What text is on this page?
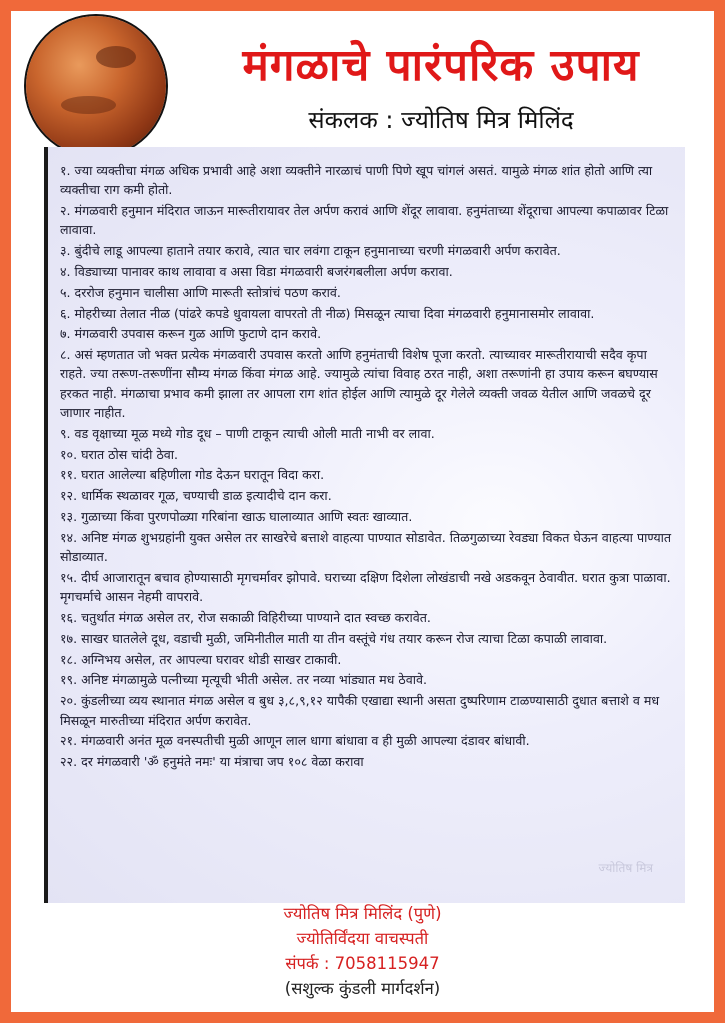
मंगळाचे पारंपरिक उपाय

संकलक : ज्योतिष मित्र मिलिंद

१. ज्या व्यक्तीचा मंगळ अधिक प्रभावी आहे अशा व्यक्तीने नारळाचं पाणी पिणे खूप चांगलं असतं. यामुळे मंगळ शांत होतो आणि त्या व्यक्तीचा राग कमी होतो.
२. मंगळवारी हनुमान मंदिरात जाऊन मारूतीरायावर तेल अर्पण करावं आणि शेंदूर लावावा. हनुमंताच्या शेंदूराचा आपल्या कपाळावर टिळा लावावा.
३. बुंदीचे लाडू आपल्या हाताने तयार करावे, त्यात चार लवंगा टाकून हनुमानाच्या चरणी मंगळवारी अर्पण करावेत.
४. विड्याच्या पानावर काथ लावावा व असा विडा मंगळवारी बजरंगबलीला अर्पण करावा.
५. दररोज हनुमान चालीसा आणि मारूती स्तोत्रांचं पठण करावं.
६. मोहरीच्या तेलात नीळ (पांढरे कपडे धुवायला वापरतो ती नीळ) मिसळून त्याचा दिवा मंगळवारी हनुमानासमोर लावावा.
७. मंगळवारी उपवास करून गुळ आणि फुटाणे दान करावे.
८. असं म्हणतात जो भक्त प्रत्येक मंगळवारी उपवास करतो आणि हनुमंताची विशेष पूजा करतो. त्याच्यावर मारूतीरायाची सदैव कृपा राहते. ज्या तरूण-तरूणींना सौम्य मंगळ किंवा मंगळ आहे. ज्यामुळे त्यांचा विवाह ठरत नाही, अशा तरूणांनी हा उपाय करून बघण्यास हरकत नाही. मंगळाचा प्रभाव कमी झाला तर आपला राग शांत होईल आणि त्यामुळे दूर गेलेले व्यक्ती जवळ येतील आणि जवळचे दूर जाणार नाहीत.
९. वड वृक्षाच्या मूळ मध्ये गोड दूध – पाणी टाकून त्याची ओली माती नाभी वर लावा.
१०. घरात ठोस चांदी ठेवा.
११. घरात आलेल्या बहिणीला गोड देऊन घरातून विदा करा.
१२. धार्मिक स्थळावर गूळ, चण्याची डाळ इत्यादीचे दान करा.
१३. गुळाच्या किंवा पुरणपोळ्या गरिबांना खाऊ घालाव्यात आणि स्वतः खाव्यात.
१४. अनिष्ट मंगळ शुभग्रहांनी युक्त असेल तर साखरेचे बत्ताशे वाहत्या पाण्यात सोडावेत. तिळगुळाच्या रेवड्या विकत घेऊन वाहत्या पाण्यात सोडाव्यात.
१५. दीर्घ आजारातून बचाव होण्यासाठी मृगचर्मावर झोपावे. घराच्या दक्षिण दिशेला लोखंडाची नखे अडकवून ठेवावीत. घरात कुत्रा पाळावा. मृगचर्माचे आसन नेहमी वापरावे.
१६. चतुर्थात मंगळ असेल तर, रोज सकाळी विहिरीच्या पाण्याने दात स्वच्छ करावेत.
१७. साखर घातलेले दूध, वडाची मुळी, जमिनीतील माती या तीन वस्तूंचे गंध तयार करून रोज त्याचा टिळा कपाळी लावावा.
१८. अग्निभय असेल, तर आपल्या घरावर थोडी साखर टाकावी.
१९. अनिष्ट मंगळामुळे पत्नीच्या मृत्यूची भीती असेल. तर नव्या भांड्यात मध ठेवावे.
२०. कुंडलीच्या व्यय स्थानात मंगळ असेल व बुध ३,८,९,१२ यापैकी एखाद्या स्थानी असता दुष्परिणाम टाळण्यासाठी दुधात बत्ताशे व मध मिसळून मारुतीच्या मंदिरात अर्पण करावेत.
२१. मंगळवारी अनंत मूळ वनस्पतीची मुळी आणून लाल धागा बांधावा व ही मुळी आपल्या दंडावर बांधावी.
२२. दर मंगळवारी 'ॐ हनुमंते नमः' या मंत्राचा जप १०८ वेळा करावा
ज्योतिष मित्र
ज्योतिष मित्र मिलिंद (पुणे)
ज्योतिर्विंदया वाचस्पती
संपर्क : 7058115947
(सशुल्क कुंडली मार्गदर्शन)
